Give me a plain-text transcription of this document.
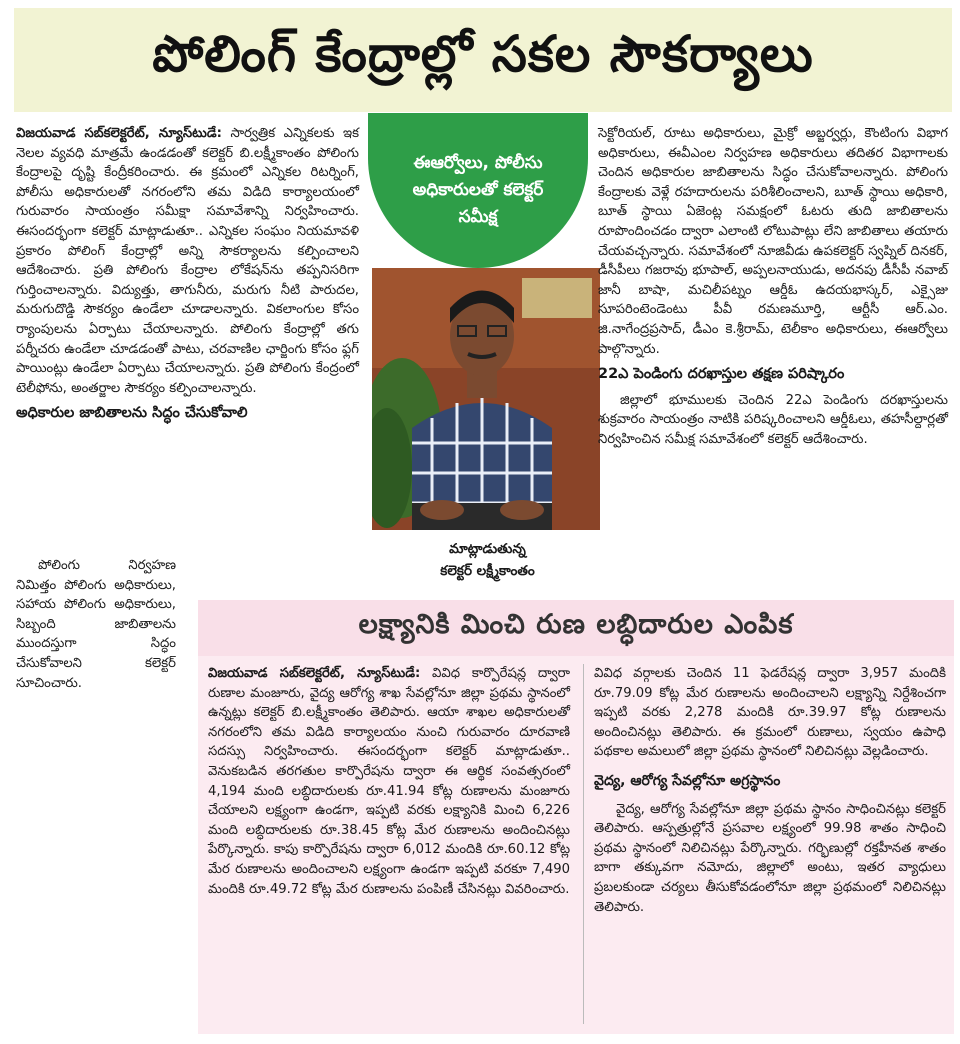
పోలింగ్ కేంద్రాల్లో సకల సౌకర్యాలు

విజయవాడ సబ్‌కలెక్టరేట్, న్యూస్‌టుడే: సార్వత్రిక ఎన్నికలకు ఇక నెలల వ్యవధి మాత్రమే ఉండడంతో కలెక్టర్ బి.లక్ష్మీకాంతం పోలింగు కేంద్రాలపై దృష్టి కేంద్రీకరించారు. ఈ క్రమంలో ఎన్నికల రిటర్నింగ్, పోలీసు అధికారులతో నగరంలోని తమ విడిది కార్యాలయంలో గురువారం సాయంత్రం సమీక్షా సమావేశాన్ని నిర్వహించారు. ఈసందర్భంగా కలెక్టర్ మాట్లాడుతూ.. ఎన్నికల సంఘం నియమావళి ప్రకారం పోలింగ్ కేంద్రాల్లో అన్ని సౌకర్యాలను కల్పించాలని ఆదేశించారు. ప్రతి పోలింగు కేంద్రాల లోకేషన్‌ను తప్పనిసరిగా గుర్తించాలన్నారు. విద్యుత్తు, తాగునీరు, మరుగు నీటి పారుదల, మరుగుదొడ్డి సౌకర్యం ఉండేలా చూడాలన్నారు. వికలాంగుల కోసం ర్యాంపులను ఏర్పాటు చేయాలన్నారు. పోలింగు కేంద్రాల్లో తగు పర్నీచరు ఉండేలా చూడడంతో పాటు, చరవాణిల ఛార్జింగు కోసం ఫ్లగ్ పాయింట్లు ఉండేలా ఏర్పాటు చేయాలన్నారు. ప్రతి పోలింగు కేంద్రంలో టెలీఫోను, అంతర్జాల సౌకర్యం కల్పించాలన్నారు.

అధికారుల జాబితాలను సిద్ధం చేసుకోవాలి

పోలింగు నిర్వహణ నిమిత్తం పోలింగు అధికారులు, సహాయ పోలింగు అధికారులు, సిబ్బంది జాబితాలను ముందస్తుగా సిద్ధం చేసుకోవాలని కలెక్టర్ సూచించారు.

ఈఆర్వోలు, పోలీసు
అధికారులతో కలెక్టర్
సమీక్ష
మాట్లాడుతున్న
కలెక్టర్ లక్ష్మీకాంతం

సెక్టోరియల్, రూటు అధికారులు, మైక్రో అబ్జర్వర్లు, కౌంటింగు విభాగ అధికారులు, ఈవీఎంల నిర్వహణ అధికారులు తదితర విభాగాలకు చెందిన అధికారుల జాబితాలను సిద్ధం చేసుకోవాలన్నారు. పోలింగు కేంద్రాలకు వెళ్లే రహదారులను పరిశీలించాలని, బూత్ స్థాయి అధికారి, బూత్ స్థాయి ఏజెంట్ల సమక్షంలో ఓటరు తుది జాబితాలను రూపొందించడం ద్వారా ఎలాంటి లోటుపాట్లు లేని జాబితాలు తయారు చేయవచ్చన్నారు. సమావేశంలో నూజివీడు ఉపకలెక్టర్ స్వప్నిల్ దినకర్, డీసీపీలు గజరావు భూపాల్, అప్పలనాయుడు, అదనపు డీసీపీ నవాబ్ జానీ బాషా, మచిలీపట్నం ఆర్డీఓ ఉదయభాస్కర్, ఎక్సైజు సూపరింటెండెంటు పీవీ రమణమూర్తి, ఆర్టీసీ ఆర్.ఎం. జి.నాగేంద్రప్రసాద్, డీఎం కె.శ్రీరామ్, టెలీకాం అధికారులు, ఈఆర్వోలు పాల్గొన్నారు.

22ఎ పెండింగు దరఖాస్తుల తక్షణ పరిష్కారం

జిల్లాలో భూములకు చెందిన 22ఎ పెండింగు దరఖాస్తులను శుక్రవారం సాయంత్రం నాటికి పరిష్కరించాలని ఆర్డీఓలు, తహసీల్దార్లతో నిర్వహించిన సమీక్ష సమావేశంలో కలెక్టర్ ఆదేశించారు.

లక్ష్యానికి మించి రుణ లబ్ధిదారుల ఎంపిక

విజయవాడ సబ్‌కలెక్టరేట్, న్యూస్‌టుడే: వివిధ కార్పొరేషన్ల ద్వారా రుణాల మంజూరు, వైద్య ఆరోగ్య శాఖ సేవల్లోనూ జిల్లా ప్రథమ స్థానంలో ఉన్నట్లు కలెక్టర్ బి.లక్ష్మీకాంతం తెలిపారు. ఆయా శాఖల అధికారులతో నగరంలోని తమ విడిది కార్యాలయం నుంచి గురువారం దూరవాణి సదస్సు నిర్వహించారు. ఈసందర్భంగా కలెక్టర్ మాట్లాడుతూ.. వెనుకబడిన తరగతుల కార్పొరేషను ద్వారా ఈ ఆర్థిక సంవత్సరంలో 4,194 మంది లబ్ధిదారులకు రూ.41.94 కోట్ల రుణాలను మంజూరు చేయాలని లక్ష్యంగా ఉండగా, ఇప్పటి వరకు లక్ష్యానికి మించి 6,226 మంది లబ్ధిదారులకు రూ.38.45 కోట్ల మేర రుణాలను అందించినట్లు పేర్కొన్నారు. కాపు కార్పొరేషను ద్వారా 6,012 మందికి రూ.60.12 కోట్ల మేర రుణాలను అందించాలని లక్ష్యంగా ఉండగా ఇప్పటి వరకూ 7,490 మందికి రూ.49.72 కోట్ల మేర రుణాలను పంపిణీ చేసినట్లు వివరించారు.

వివిధ వర్గాలకు చెందిన 11 ఫెడరేషన్ల ద్వారా 3,957 మందికి రూ.79.09 కోట్ల మేర రుణాలను అందించాలని లక్ష్యాన్ని నిర్దేశించగా ఇప్పటి వరకు 2,278 మందికి రూ.39.97 కోట్ల రుణాలను అందించినట్లు తెలిపారు. ఈ క్రమంలో రుణాలు, స్వయం ఉపాధి పథకాల అమలులో జిల్లా ప్రథమ స్థానంలో నిలిచినట్లు వెల్లడించారు.

వైద్య, ఆరోగ్య సేవల్లోనూ అగ్రస్థానం

వైద్య, ఆరోగ్య సేవల్లోనూ జిల్లా ప్రథమ స్థానం సాధించినట్లు కలెక్టర్ తెలిపారు. ఆస్పత్రుల్లోనే ప్రసవాల లక్ష్యంలో 99.98 శాతం సాధించి ప్రథమ స్థానంలో నిలిచినట్లు పేర్కొన్నారు. గర్భిణుల్లో రక్తహీనత శాతం బాగా తక్కువగా నమోదు, జిల్లాలో అంటు, ఇతర వ్యాధులు ప్రబలకుండా చర్యలు తీసుకోవడంలోనూ జిల్లా ప్రథమంలో నిలిచినట్లు తెలిపారు.
